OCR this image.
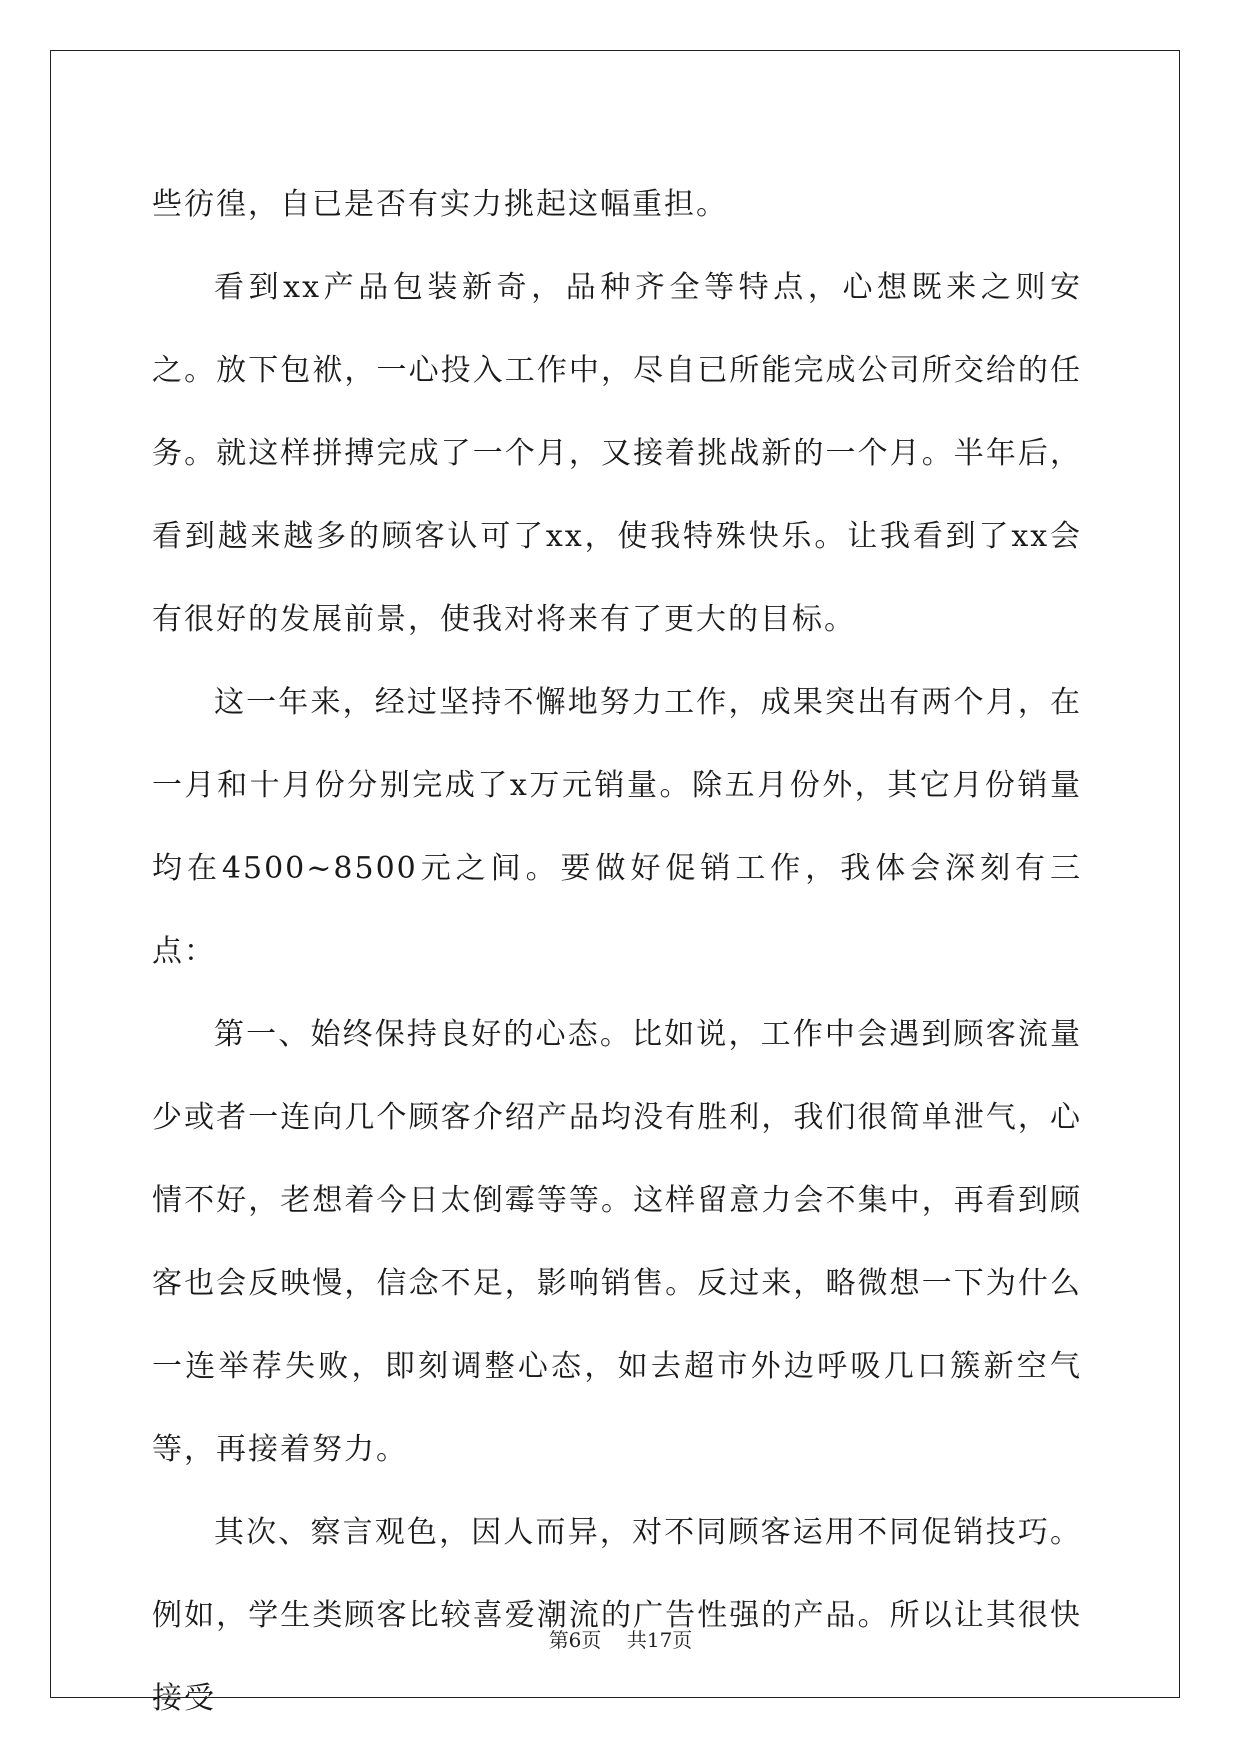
些彷徨，自已是否有实力挑起这幅重担。

看到xx产品包装新奇，品种齐全等特点，心想既来之则安之。放下包袱，一心投入工作中，尽自已所能完成公司所交给的任务。就这样拼搏完成了一个月，又接着挑战新的一个月。半年后，看到越来越多的顾客认可了xx，使我特殊快乐。让我看到了xx会有很好的发展前景，使我对将来有了更大的目标。

这一年来，经过坚持不懈地努力工作，成果突出有两个月，在一月和十月份分别完成了x万元销量。除五月份外，其它月份销量均在4500~8500元之间。要做好促销工作，我体会深刻有三点：

第一、始终保持良好的心态。比如说，工作中会遇到顾客流量少或者一连向几个顾客介绍产品均没有胜利，我们很简单泄气，心情不好，老想着今日太倒霉等等。这样留意力会不集中，再看到顾客也会反映慢，信念不足，影响销售。反过来，略微想一下为什么一连举荐失败，即刻调整心态，如去超市外边呼吸几口簇新空气等，再接着努力。

其次、察言观色，因人而异，对不同顾客运用不同促销技巧。例如，学生类顾客比较喜爱潮流的广告性强的产品。所以让其很快接受

第6页 共17页
